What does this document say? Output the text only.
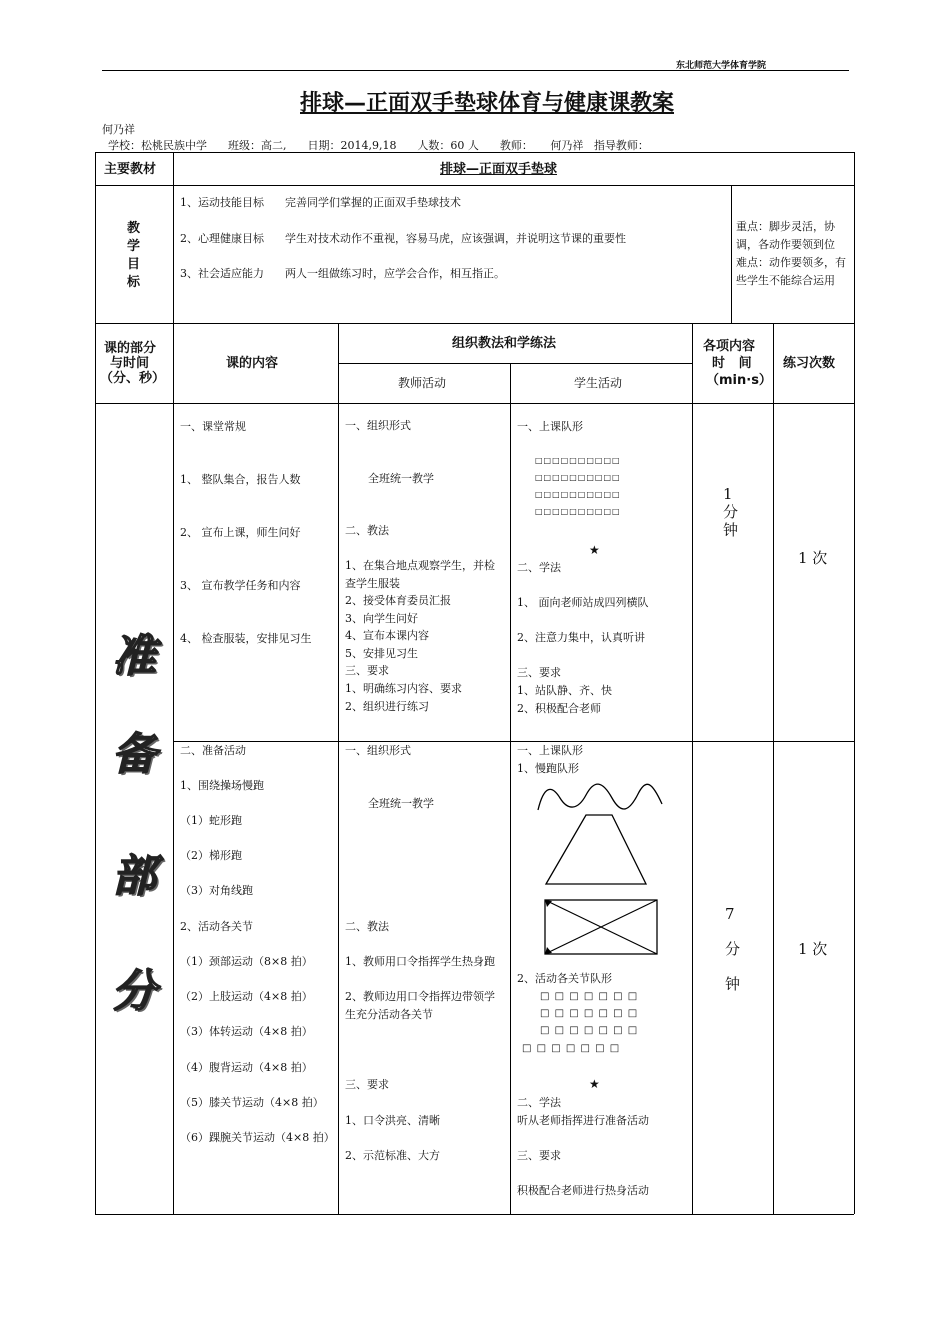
东北师范大学体育学院
排球—正面双手垫球体育与健康课教案
何乃祥
学校：松桃民族中学      班级：高二,      日期：2014,9,18      人数：60 人      教师：     何乃祥   指导教师：
主要教材	排球—正面双手垫球
教
学
目
标
1、运动技能目标      完善同学们掌握的正面双手垫球技术
2、心理健康目标      学生对技术动作不重视，容易马虎，应该强调，并说明这节课的重要性
3、社会适应能力      两人一组做练习时，应学会合作，相互指正。
重点：脚步灵活，协
调，各动作要领到位
难点：动作要领多，有
些学生不能综合运用
课的部分
与时间
（分、秒）
课的内容
组织教法和学练法
教师活动	学生活动
各项内容
时   间
（min·s）
练习次数
准
备
部
分
一、课堂常规
1、 整队集合，报告人数
2、 宣布上课，师生问好
3、 宣布教学任务和内容
4、 检查服装，安排见习生
一、组织形式
全班统一教学
二、教法
1、在集合地点观察学生，并检
查学生服装
2、接受体育委员汇报
3、向学生问好
4、宣布本课内容
5、安排见习生
三、要求
1、明确练习内容、要求
2、组织进行练习
一、上课队形
□□□□□□□□□□
□□□□□□□□□□
□□□□□□□□□□
□□□□□□□□□□
★
二、学法
1、 面向老师站成四列横队
2、注意力集中，认真听讲
三、要求
1、站队静、齐、快
2、积极配合老师
1
分
钟
1 次
二、准备活动
1、围绕操场慢跑
（1）蛇形跑
（2）梯形跑
（3）对角线跑
2、活动各关节
（1）颈部运动（8×8 拍）
（2）上肢运动（4×8 拍）
（3）体转运动（4×8 拍）
（4）腹背运动（4×8 拍）
（5）膝关节运动（4×8 拍）
（6）踝腕关节运动（4×8 拍）
一、组织形式
全班统一教学
二、教法
1、教师用口令指挥学生热身跑
2、教师边用口令指挥边带领学
生充分活动各关节
三、要求
1、口令洪亮、清晰
2、示范标准、大方
一、上课队形
1、慢跑队形
2、活动各关节队形
□ □ □ □ □ □ □
□ □ □ □ □ □ □
□ □ □ □ □ □ □
□ □ □ □ □ □ □
★
二、学法
听从老师指挥进行准备活动
三、要求
积极配合老师进行热身活动
7
分
钟
1 次
